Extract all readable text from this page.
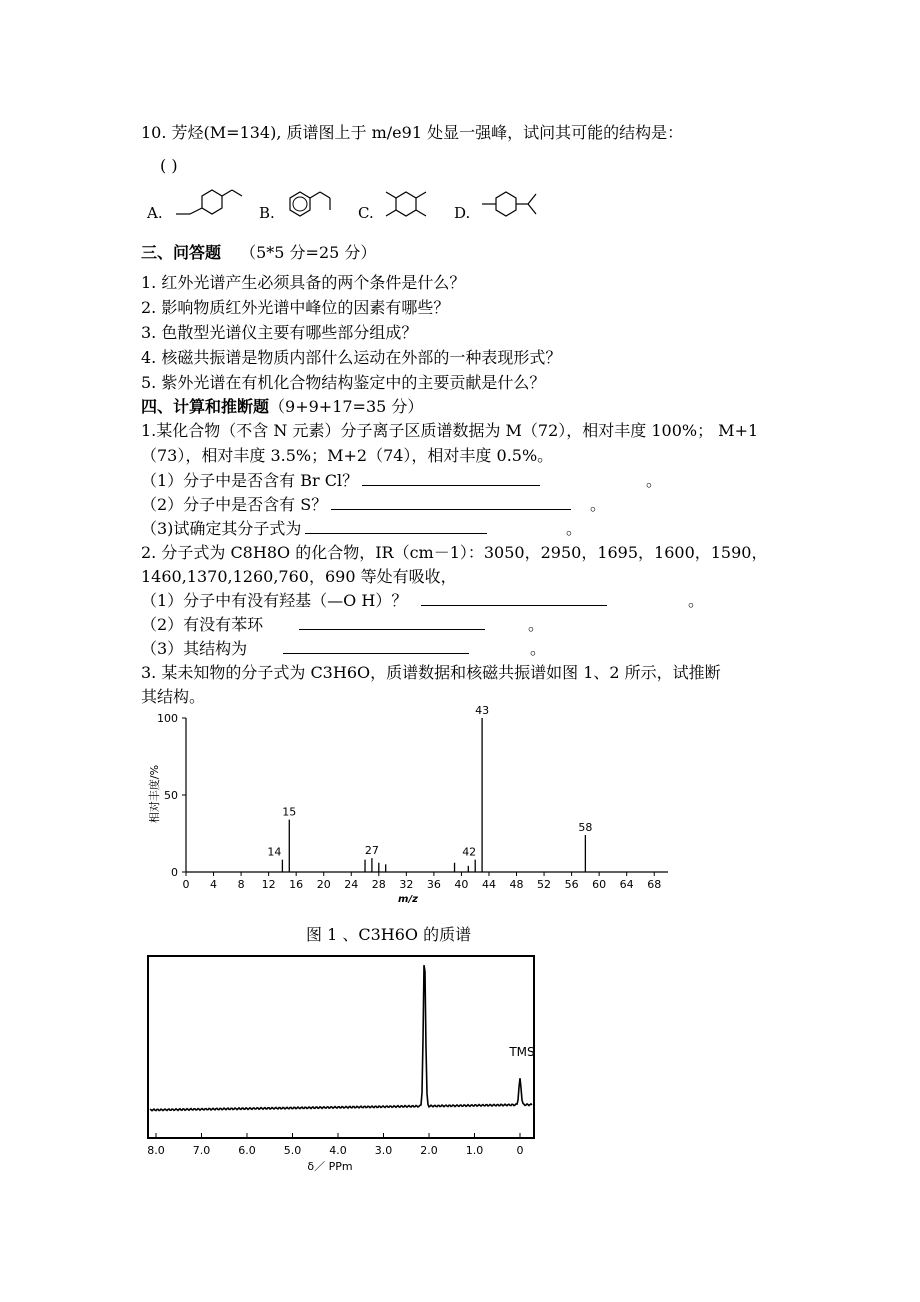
10. 芳烃(M=134), 质谱图上于 m/e91 处显一强峰，试问其可能的结构是：
( )
A.	B.	C.	D.
三、问答题 （5*5 分=25 分）
1. 红外光谱产生必须具备的两个条件是什么？
2. 影响物质红外光谱中峰位的因素有哪些？
3. 色散型光谱仪主要有哪些部分组成？
4. 核磁共振谱是物质内部什么运动在外部的一种表现形式？
5. 紫外光谱在有机化合物结构鉴定中的主要贡献是什么？
四、计算和推断题（9+9+17=35 分）
1.某化合物（不含 N 元素）分子离子区质谱数据为 M（72），相对丰度 100%； M+1
（73），相对丰度 3.5%；M+2（74），相对丰度 0.5%。
（1）分子中是否含有 Br Cl？	。
（2）分子中是否含有 S？	。
（3)试确定其分子式为	。
2. 分子式为 C8H8O 的化合物，IR（cm－1）：3050，2950，1695，1600，1590，
1460,1370,1260,760，690 等处有吸收，
（1）分子中有没有羟基（—O H）？	。
（2）有没有苯环	。
（3）其结构为	。
3. 某未知物的分子式为 C3H6O，质谱数据和核磁共振谱如图 1、2 所示，试推断
其结构。
0
50
100
0 4 8 12 16 20 24 28 32 36 40 44 48 52 56 60 64 68
m/z
相对丰度/%
14
15
27	42
43
58
图 1 、C3H6O 的质谱
8.0	7.0	6.0	5.0	4.0	3.0	2.0	1.0	0
TMS
δ／ PPm
